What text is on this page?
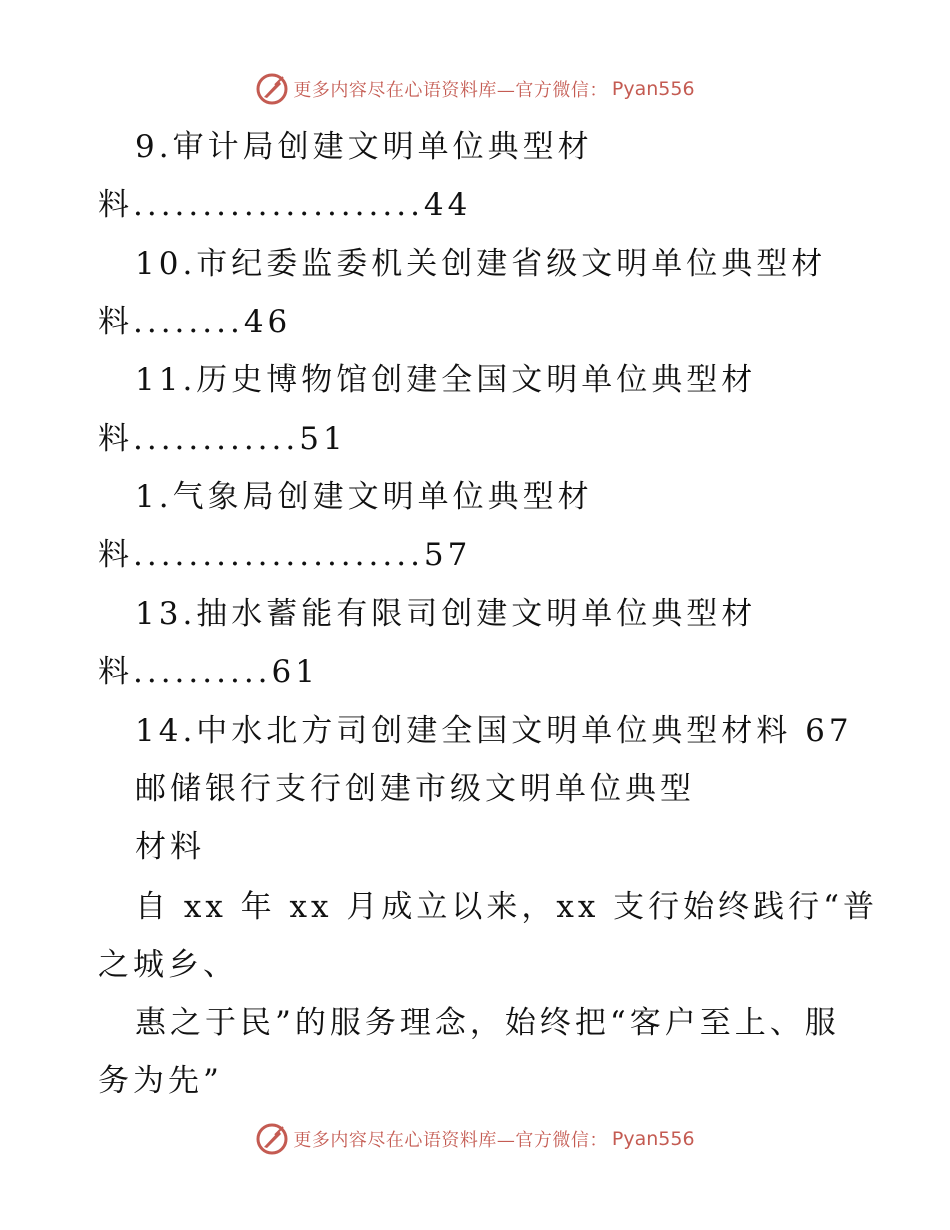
更多内容尽在心语资料库—官方微信： Pyan556
9.审计局创建文明单位典型材
料.....................44
10.市纪委监委机关创建省级文明单位典型材
料........46
11.历史博物馆创建全国文明单位典型材
料............51
1.气象局创建文明单位典型材
料.....................57
13.抽水蓄能有限司创建文明单位典型材
料..........61
14.中水北方司创建全国文明单位典型材料 67
邮储银行支行创建市级文明单位典型
材料
自 xx 年 xx 月成立以来，xx 支行始终践行“普
之城乡、
惠之于民”的服务理念，始终把“客户至上、服
务为先”
更多内容尽在心语资料库—官方微信： Pyan556
